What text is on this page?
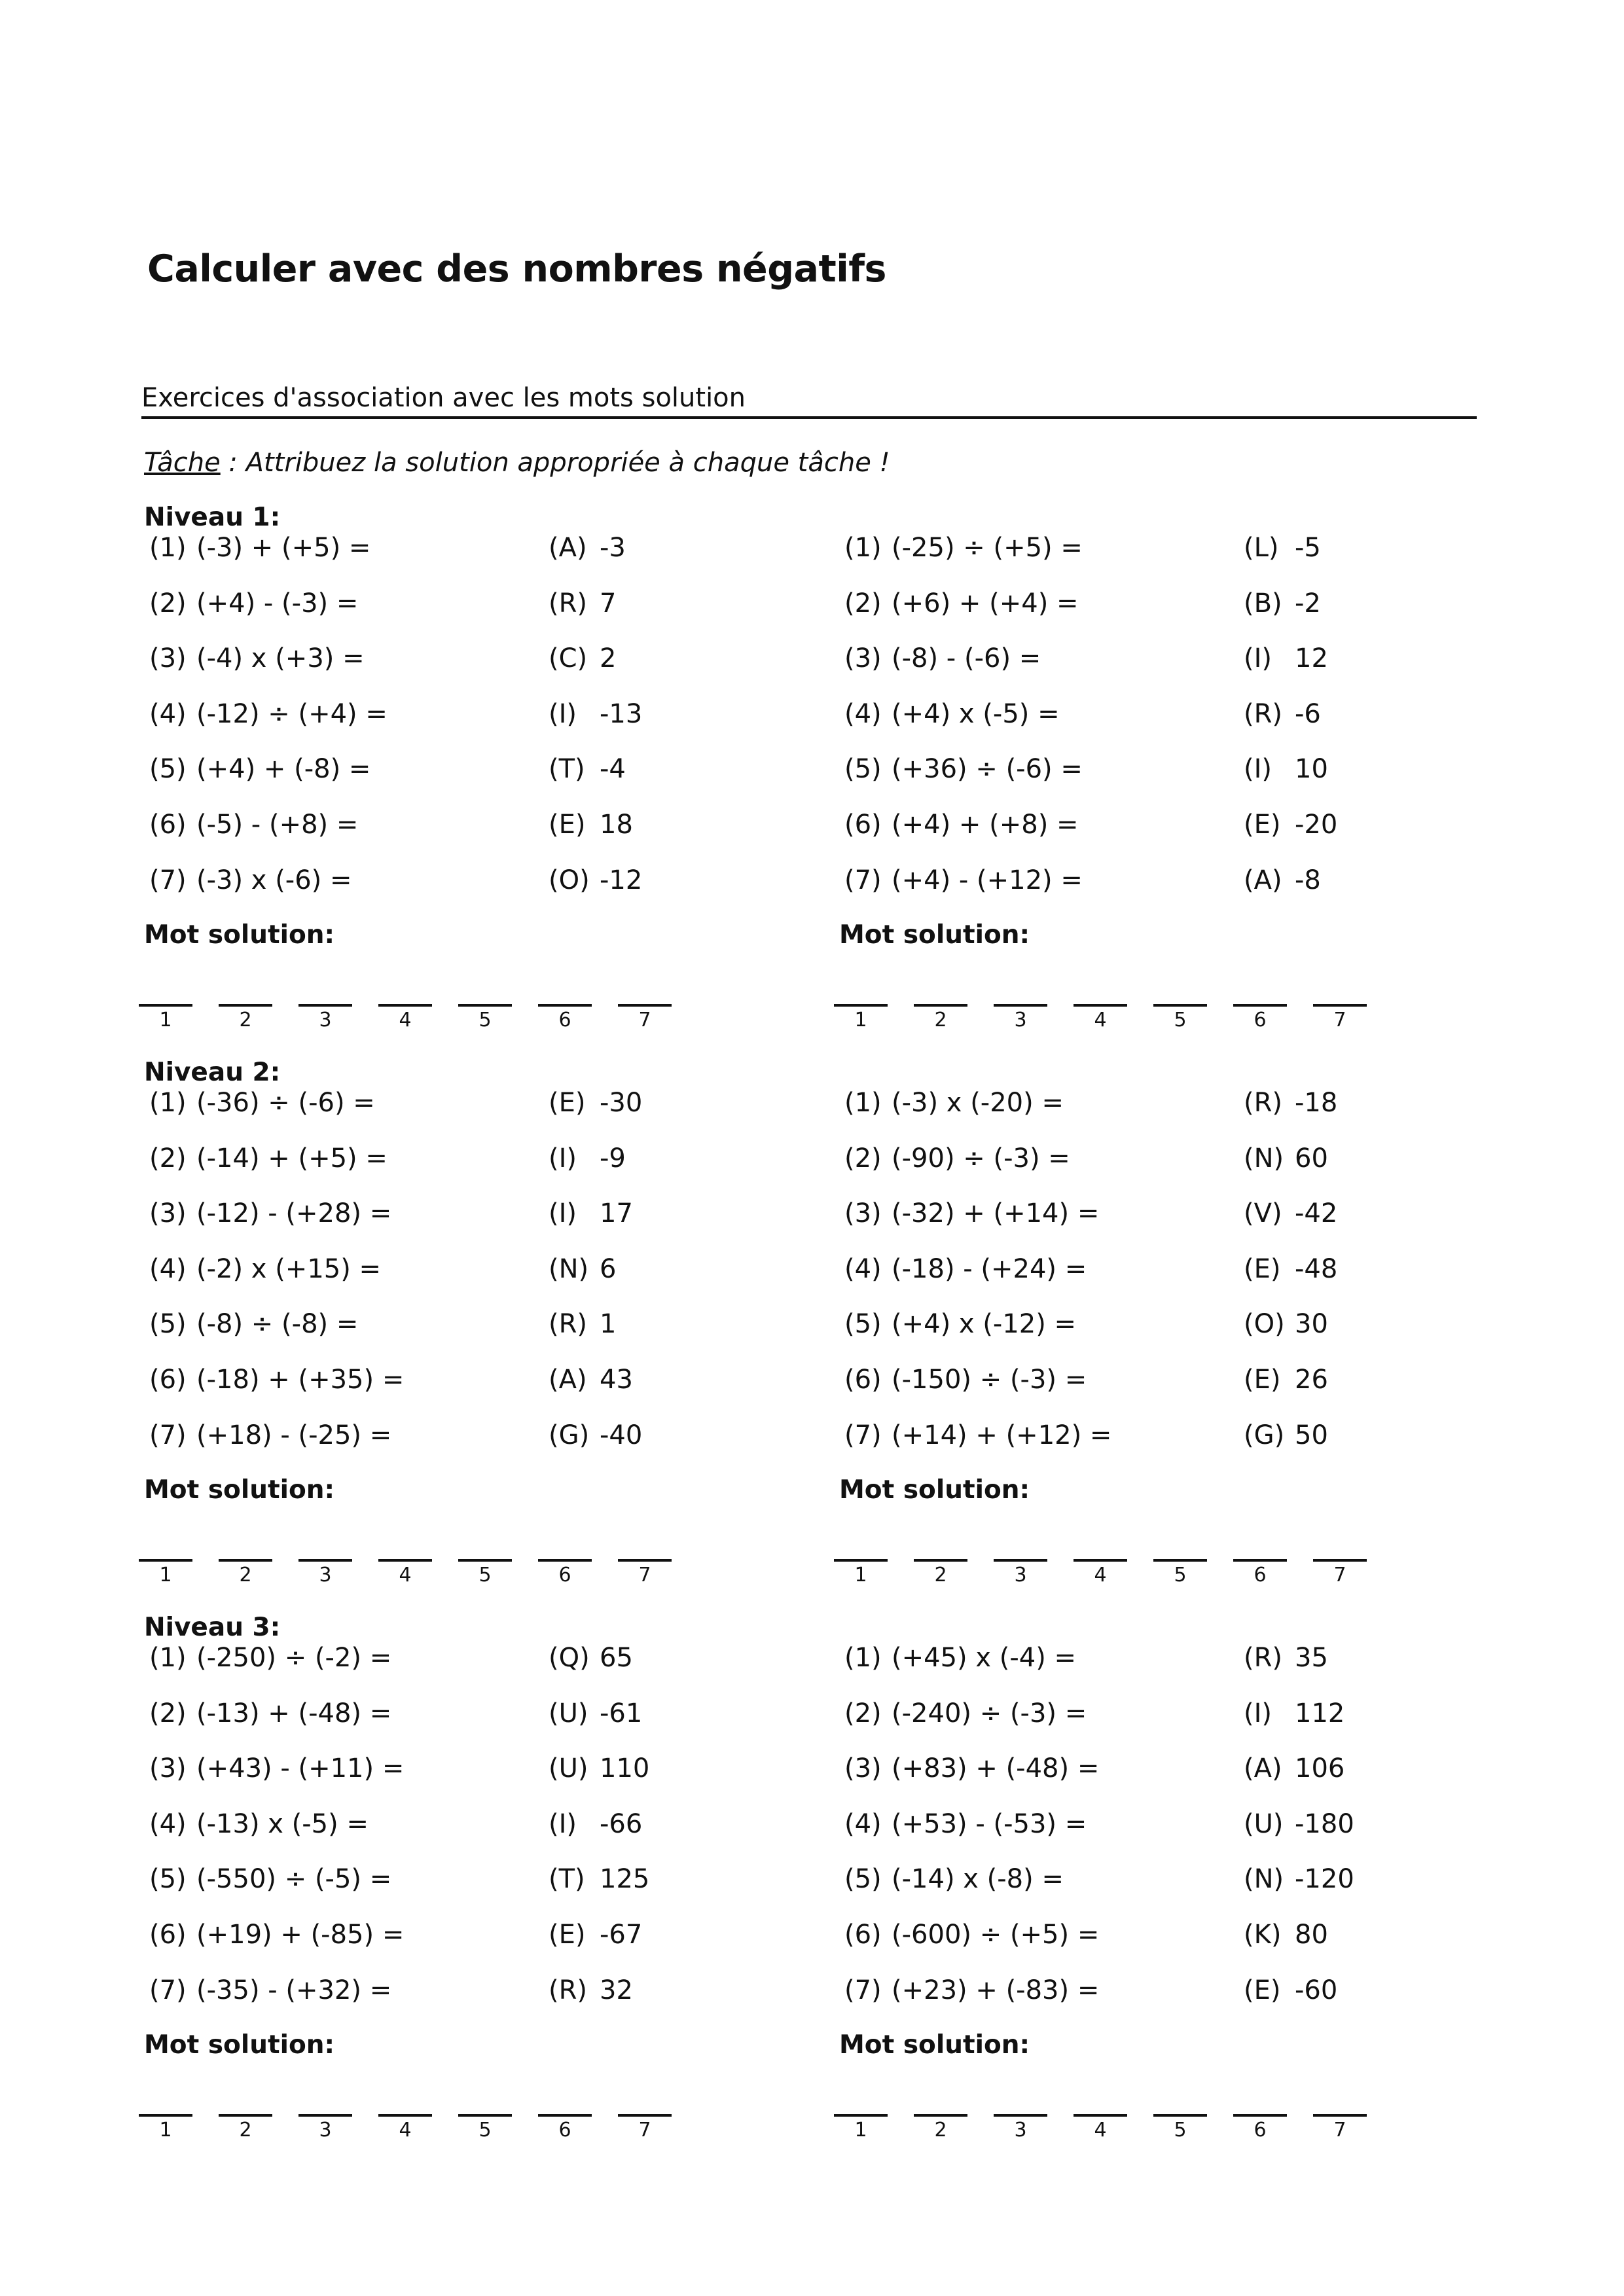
Calculer avec des nombres négatifs
Exercices d'association avec les mots solution
Tâche : Attribuez la solution appropriée à chaque tâche !
Niveau 1:
(1) (-3) + (+5) =	(A) -3
(2) (+4) - (-3) =	(R) 7
(3) (-4) x (+3) =	(C) 2
(4) (-12) ÷ (+4) =	(I) -13
(5) (+4) + (-8) =	(T) -4
(6) (-5) - (+8) =	(E) 18
(7) (-3) x (-6) =	(O) -12
Mot solution:
1	2	3	4	5	6	7
(1) (-25) ÷ (+5) =	(L) -5
(2) (+6) + (+4) =	(B) -2
(3) (-8) - (-6) =	(I) 12
(4) (+4) x (-5) =	(R) -6
(5) (+36) ÷ (-6) =	(I) 10
(6) (+4) + (+8) =	(E) -20
(7) (+4) - (+12) =	(A) -8
Mot solution:
1	2	3	4	5	6	7
Niveau 2:
(1) (-36) ÷ (-6) =	(E) -30
(2) (-14) + (+5) =	(I) -9
(3) (-12) - (+28) =	(I) 17
(4) (-2) x (+15) =	(N) 6
(5) (-8) ÷ (-8) =	(R) 1
(6) (-18) + (+35) =	(A) 43
(7) (+18) - (-25) =	(G) -40
Mot solution:
1	2	3	4	5	6	7
(1) (-3) x (-20) =	(R) -18
(2) (-90) ÷ (-3) =	(N) 60
(3) (-32) + (+14) =	(V) -42
(4) (-18) - (+24) =	(E) -48
(5) (+4) x (-12) =	(O) 30
(6) (-150) ÷ (-3) =	(E) 26
(7) (+14) + (+12) =	(G) 50
Mot solution:
1	2	3	4	5	6	7
Niveau 3:
(1) (-250) ÷ (-2) =	(Q) 65
(2) (-13) + (-48) =	(U) -61
(3) (+43) - (+11) =	(U) 110
(4) (-13) x (-5) =	(I) -66
(5) (-550) ÷ (-5) =	(T) 125
(6) (+19) + (-85) =	(E) -67
(7) (-35) - (+32) =	(R) 32
Mot solution:
1	2	3	4	5	6	7
(1) (+45) x (-4) =	(R) 35
(2) (-240) ÷ (-3) =	(I) 112
(3) (+83) + (-48) =	(A) 106
(4) (+53) - (-53) =	(U) -180
(5) (-14) x (-8) =	(N) -120
(6) (-600) ÷ (+5) =	(K) 80
(7) (+23) + (-83) =	(E) -60
Mot solution:
1	2	3	4	5	6	7
